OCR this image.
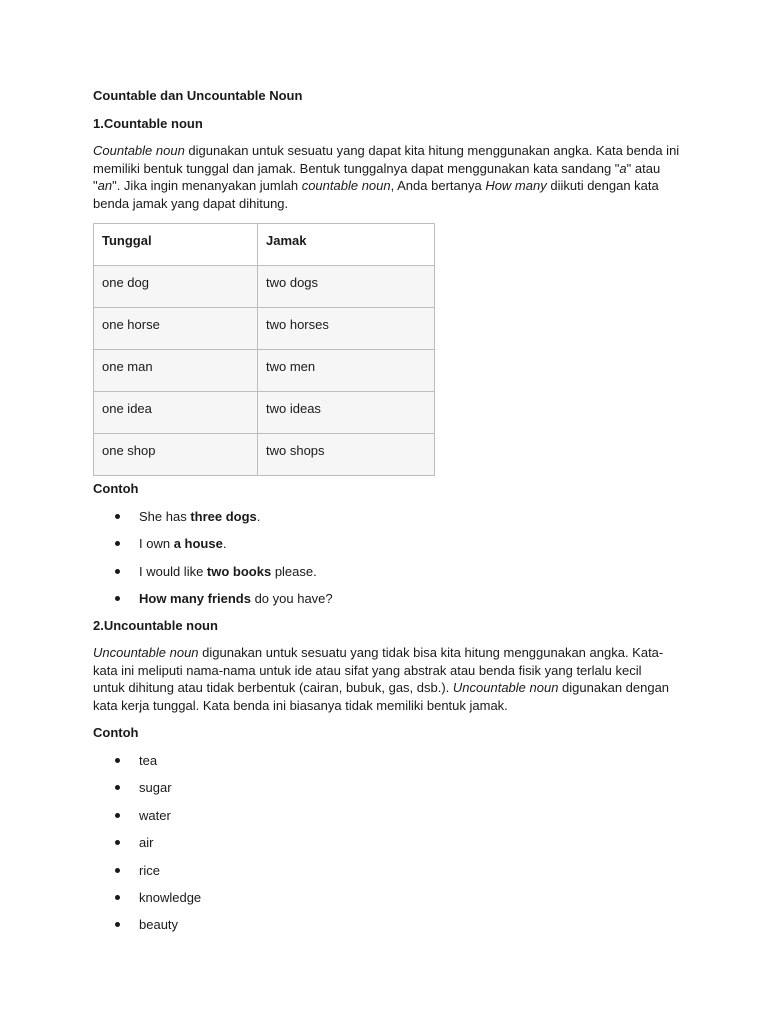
Countable dan Uncountable Noun
1.Countable noun
Countable noun digunakan untuk sesuatu yang dapat kita hitung menggunakan angka. Kata benda ini
memiliki bentuk tunggal dan jamak. Bentuk tunggalnya dapat menggunakan kata sandang "a" atau
"an". Jika ingin menanyakan jumlah countable noun, Anda bertanya How many diikuti dengan kata
benda jamak yang dapat dihitung.
Tunggal	Jamak
one dog	two dogs
one horse	two horses
one man	two men
one idea	two ideas
one shop	two shops
Contoh
She has three dogs.
I own a house.
I would like two books please.
How many friends do you have?
2.Uncountable noun
Uncountable noun digunakan untuk sesuatu yang tidak bisa kita hitung menggunakan angka. Kata-
kata ini meliputi nama-nama untuk ide atau sifat yang abstrak atau benda fisik yang terlalu kecil
untuk dihitung atau tidak berbentuk (cairan, bubuk, gas, dsb.). Uncountable noun digunakan dengan
kata kerja tunggal. Kata benda ini biasanya tidak memiliki bentuk jamak.
Contoh
tea
sugar
water
air
rice
knowledge
beauty
